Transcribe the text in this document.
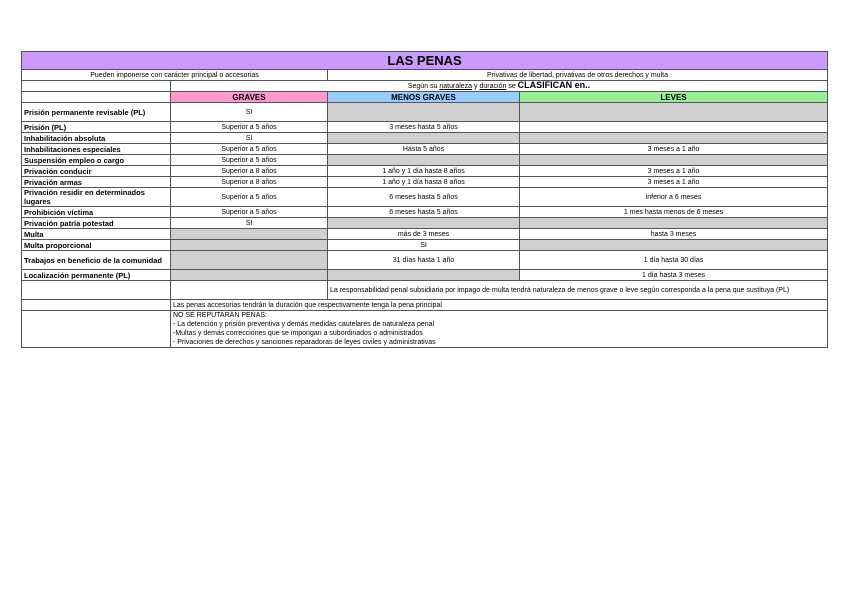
LAS PENAS			
Pueden imponerse con carácter principal o accesorias		Privativas de libertad, privativas de otros derechos y multa	
	Según su naturaleza y duración se CLASIFICAN en..		
	GRAVES	MENOS GRAVES	LEVES
Prisión permanente revisable (PL)	SI		
Prisión (PL)	Superior a 5 años	3 meses hasta 5 años	
Inhabilitación absoluta	SI		
Inhabilitaciones especiales	Superior a 5 años	Hasta 5 años	3 meses a 1 año
Suspensión empleo o cargo	Superior a 5 años		
Privación conducir	Superior a 8 años	1 año y 1 día hasta 8 años	3 meses a 1 año
Privación armas	Superior a 8 años	1 año y 1 día hasta 8 años	3 meses a 1 año
Privación residir en determinados lugares	Superior a 5 años	6 meses hasta 5 años	inferior a 6 meses
Prohibición víctima	Superior a 5 años	6 meses hasta 5 años	1 mes hasta menos de 6 meses
Privación patria potestad	SI		
Multa		más de 3 meses	hasta 3 meses
Multa proporcional		SI	
Trabajos en beneficio de la comunidad		31 días hasta 1 año	1 día hasta 30 días
Localización permanente (PL)			1 día hasta 3 meses
		La responsabilidad penal subsidiaria por impago de multa tendrá naturaleza de menos grave o leve según corresponda a la pena que sustituya (PL)	
	Las penas accesorias tendrán la duración que respectivamente tenga la pena principal		

	NO SE REPUTARÁN PENAS:
- La detención y prisión preventiva y demás medidas cautelares de naturaleza penal
-Multas y demás correcciones que se impongan a subordinados o administrados
- Privaciones de derechos y sanciones reparadoras de leyes civiles y administrativas		
